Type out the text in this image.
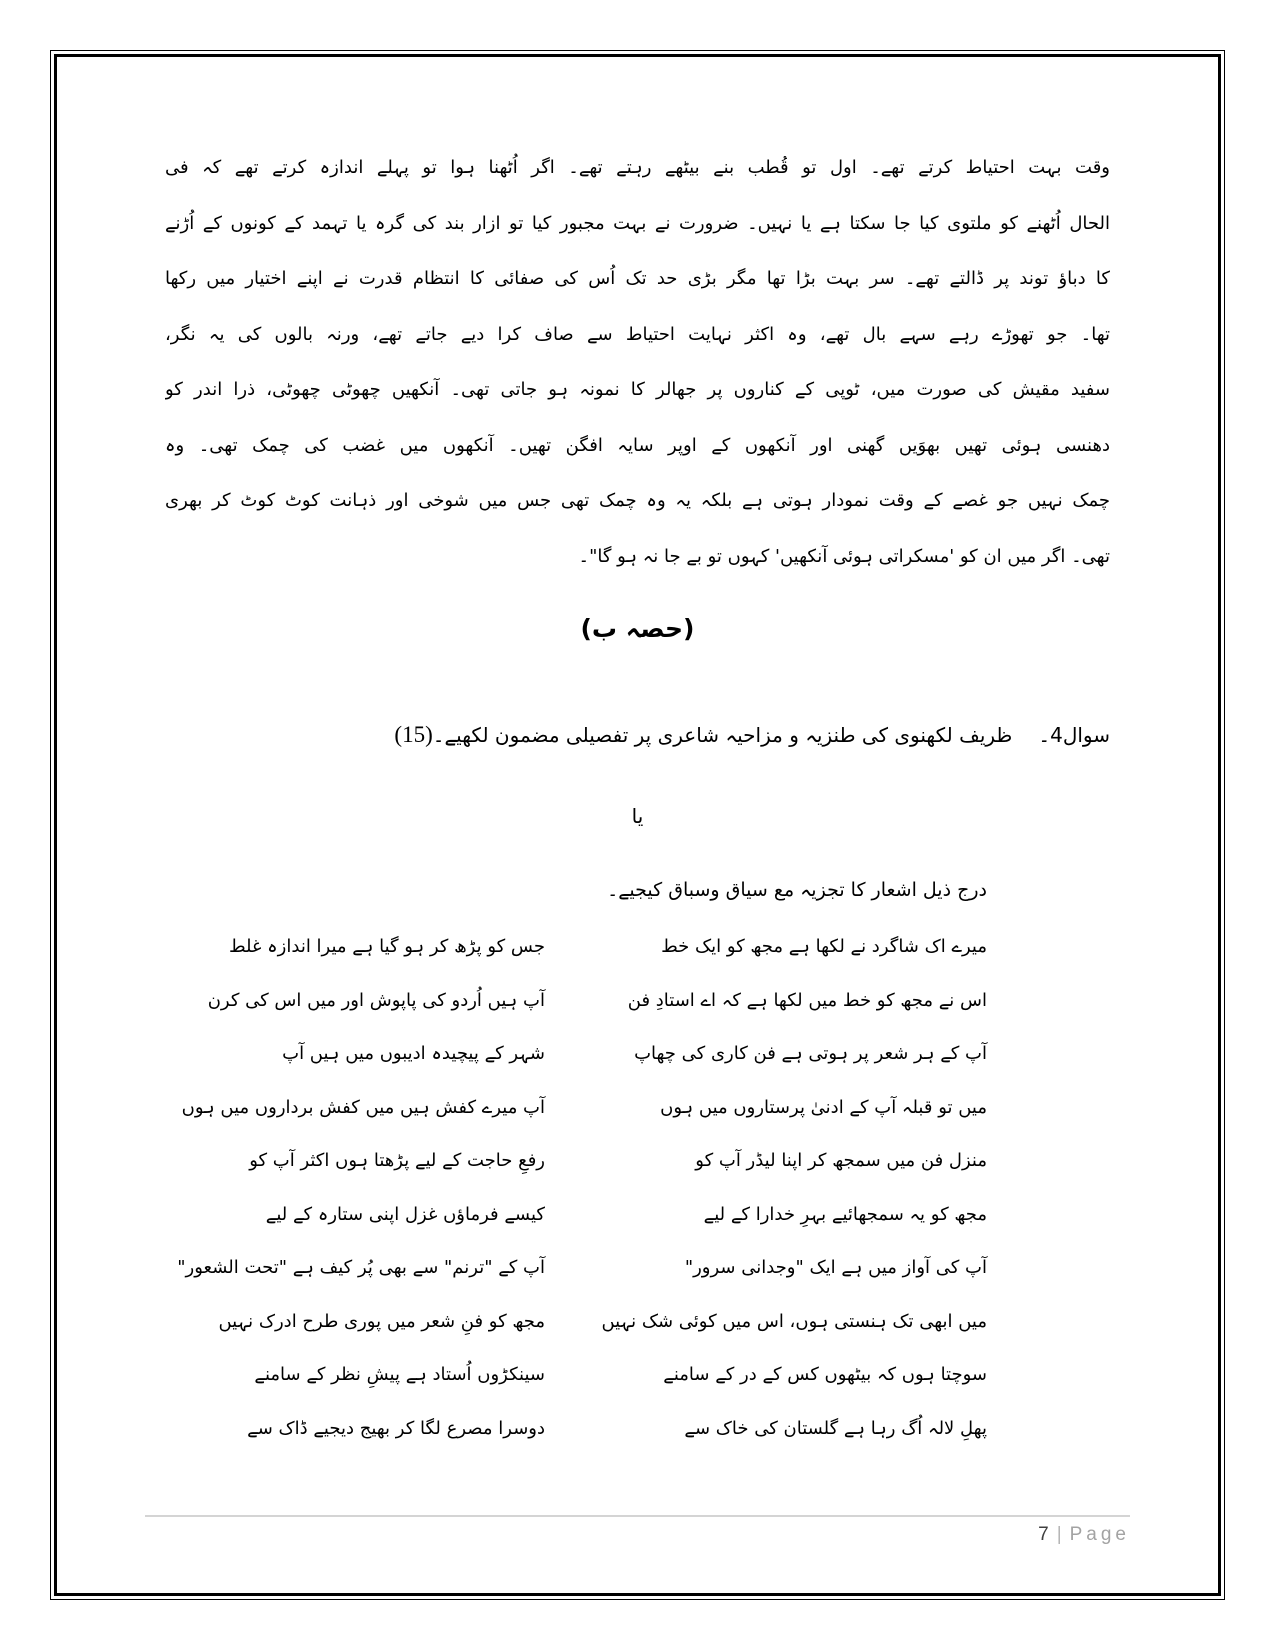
وقت بہت احتیاط کرتے تھے۔ اول تو قُطب بنے بیٹھے رہتے تھے۔ اگر اُٹھنا ہوا تو پہلے اندازہ کرتے تھے کہ فی
الحال اُٹھنے کو ملتوی کیا جا سکتا ہے یا نہیں۔ ضرورت نے بہت مجبور کیا تو ازار بند کی گرہ یا تہمد کے کونوں کے اُڑنے
کا دباؤ توند پر ڈالتے تھے۔ سر بہت بڑا تھا مگر بڑی حد تک اُس کی صفائی کا انتظام قدرت نے اپنے اختیار میں رکھا
تھا۔ جو تھوڑے رہے سہے بال تھے، وہ اکثر نہایت احتیاط سے صاف کرا دیے جاتے تھے، ورنہ بالوں کی یہ نگر،
سفید مقیش کی صورت میں، ٹوپی کے کناروں پر جھالر کا نمونہ ہو جاتی تھی۔ آنکھیں چھوٹی چھوٹی، ذرا اندر کو
دھنسی ہوئی تھیں بھوَیں گھنی اور آنکھوں کے اوپر سایہ افگن تھیں۔ آنکھوں میں غضب کی چمک تھی۔ وہ
چمک نہیں جو غصے کے وقت نمودار ہوتی ہے بلکہ یہ وہ چمک تھی جس میں شوخی اور ذہانت کوٹ کوٹ کر بھری
تھی۔ اگر میں ان کو 'مسکراتی ہوئی آنکھیں' کہوں تو بے جا نہ ہو گا"۔
(حصہ ب)
سوال4۔
ظریف لکھنوی کی طنزیہ و مزاحیہ شاعری پر تفصیلی مضمون لکھیے۔
(15)
یا
درج ذیل اشعار کا تجزیہ مع سیاق وسباق کیجیے۔
میرے اک شاگرد نے لکھا ہے مجھ کو ایک خط
جس کو پڑھ کر ہو گیا ہے میرا اندازہ غلط
اس نے مجھ کو خط میں لکھا ہے کہ اے استادِ فن
آپ ہیں اُردو کی پاپوش اور میں اس کی کرن
آپ کے ہر شعر پر ہوتی ہے فن کاری کی چھاپ
شہر کے پیچیدہ ادیبوں میں ہیں آپ
میں تو قبلہ آپ کے ادنیٰ پرستاروں میں ہوں
آپ میرے کفش ہیں میں کفش برداروں میں ہوں
منزل فن میں سمجھ کر اپنا لیڈر آپ کو
رفعِ حاجت کے لیے پڑھتا ہوں اکثر آپ کو
مجھ کو یہ سمجھائیے بہرِ خدارا کے لیے
کیسے فرماؤں غزل اپنی ستارہ کے لیے
آپ کی آواز میں ہے ایک "وجدانی سرور"
آپ کے "ترنم" سے بھی پُر کیف ہے "تحت الشعور"
میں ابھی تک ہنستی ہوں، اس میں کوئی شک نہیں
مجھ کو فنِ شعر میں پوری طرح ادرک نہیں
سوچتا ہوں کہ بیٹھوں کس کے در کے سامنے
سینکڑوں اُستاد ہے پیشِ نظر کے سامنے
پھلِ لالہ اُگ رہا ہے گلستان کی خاک سے
دوسرا مصرع لگا کر بھیج دیجیے ڈاک سے
7 | Page
